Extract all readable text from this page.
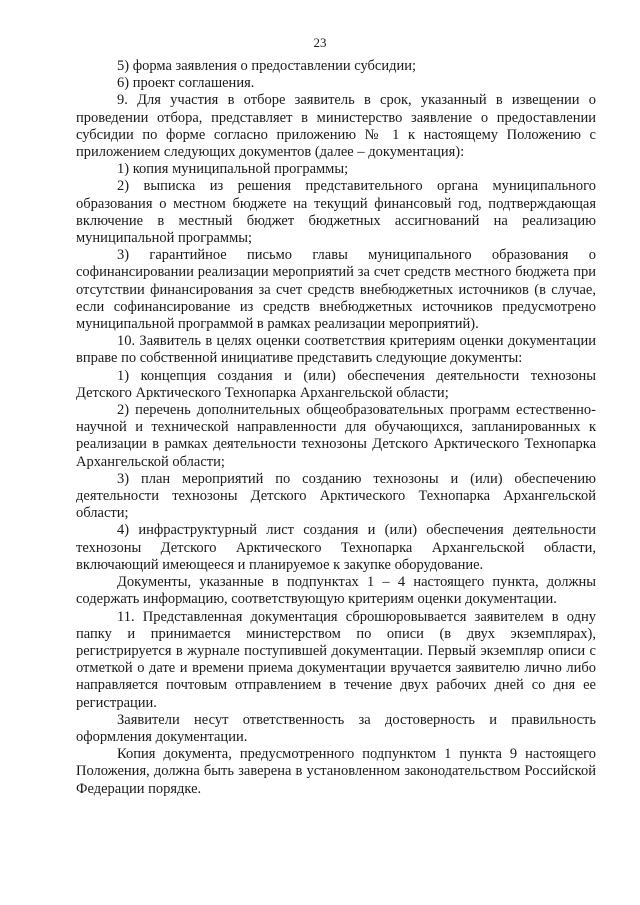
23

5) форма заявления о предоставлении субсидии;

6) проект соглашения.

9. Для участия в отборе заявитель в срок, указанный в извещении о проведении отбора, представляет в министерство заявление о предоставлении субсидии по форме согласно приложению № 1 к настоящему Положению с приложением следующих документов (далее – документация):

1) копия муниципальной программы;

2) выписка из решения представительного органа муниципального образования о местном бюджете на текущий финансовый год, подтверждающая включение в местный бюджет бюджетных ассигнований на реализацию муниципальной программы;

3) гарантийное письмо главы муниципального образования о софинансировании реализации мероприятий за счет средств местного бюджета при отсутствии финансирования за счет средств внебюджетных источников (в случае, если софинансирование из средств внебюджетных источников предусмотрено муниципальной программой в рамках реализации мероприятий).

10. Заявитель в целях оценки соответствия критериям оценки документации вправе по собственной инициативе представить следующие документы:

1) концепция создания и (или) обеспечения деятельности технозоны Детского Арктического Технопарка Архангельской области;

2) перечень дополнительных общеобразовательных программ естественно-научной и технической направленности для обучающихся, запланированных к реализации в рамках деятельности технозоны Детского Арктического Технопарка Архангельской области;

3) план мероприятий по созданию технозоны и (или) обеспечению деятельности технозоны Детского Арктического Технопарка Архангельской области;

4) инфраструктурный лист создания и (или) обеспечения деятельности технозоны Детского Арктического Технопарка Архангельской области, включающий имеющееся и планируемое к закупке оборудование.

Документы, указанные в подпунктах 1 – 4 настоящего пункта, должны содержать информацию, соответствующую критериям оценки документации.

11. Представленная документация сброшюровывается заявителем в одну папку и принимается министерством по описи (в двух экземплярах), регистрируется в журнале поступившей документации. Первый экземпляр описи с отметкой о дате и времени приема документации вручается заявителю лично либо направляется почтовым отправлением в течение двух рабочих дней со дня ее регистрации.

Заявители несут ответственность за достоверность и правильность оформления документации.

Копия документа, предусмотренного подпунктом 1 пункта 9 настоящего Положения, должна быть заверена в установленном законодательством Российской Федерации порядке.
